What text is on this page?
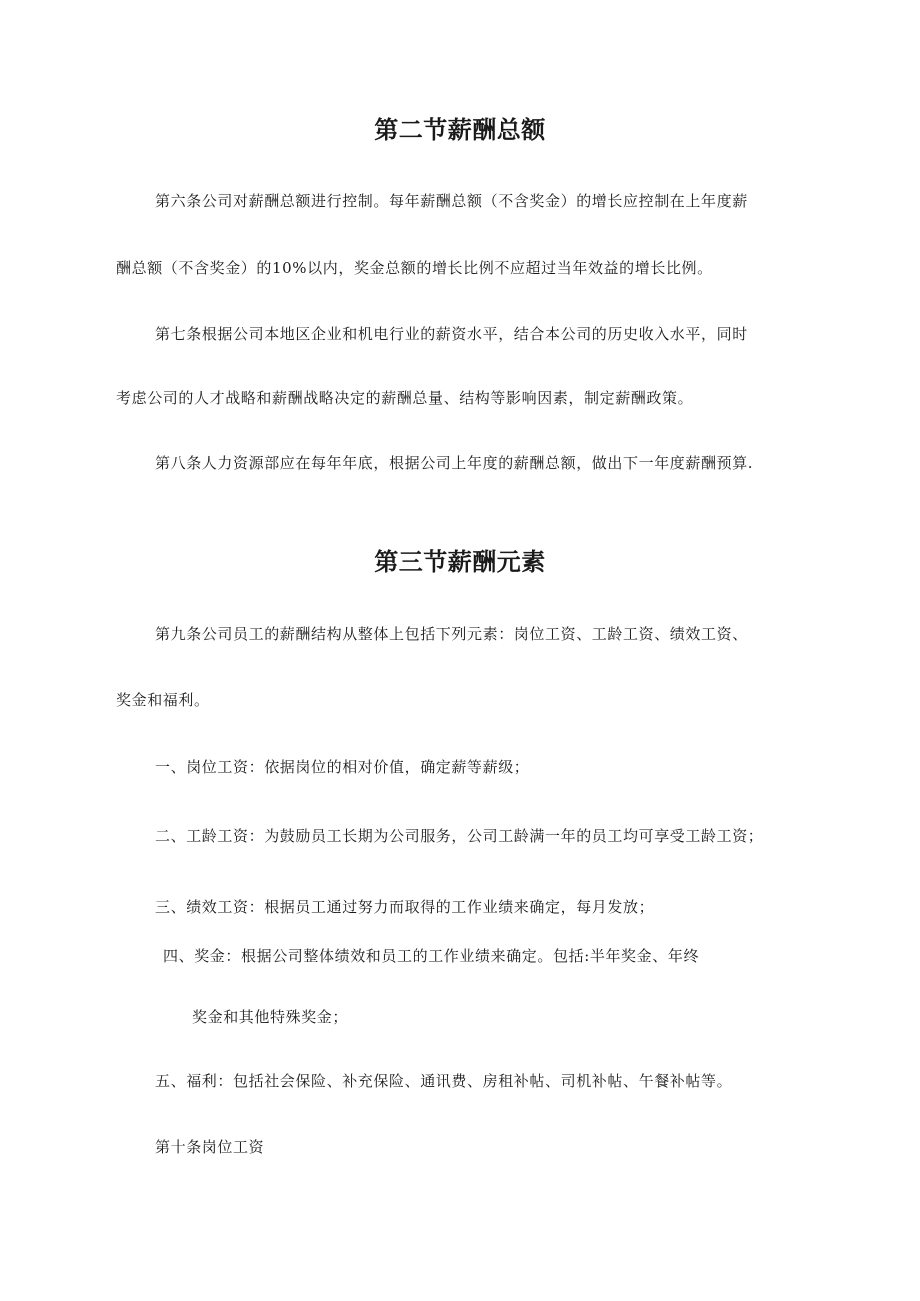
第二节薪酬总额
第六条公司对薪酬总额进行控制。每年薪酬总额（不含奖金）的增长应控制在上年度薪
酬总额（不含奖金）的10%以内，奖金总额的增长比例不应超过当年效益的增长比例。
第七条根据公司本地区企业和机电行业的薪资水平，结合本公司的历史收入水平，同时
考虑公司的人才战略和薪酬战略决定的薪酬总量、结构等影响因素，制定薪酬政策。
第八条人力资源部应在每年年底，根据公司上年度的薪酬总额，做出下一年度薪酬预算.
第三节薪酬元素
第九条公司员工的薪酬结构从整体上包括下列元素：岗位工资、工龄工资、绩效工资、
奖金和福利。
一、岗位工资：依据岗位的相对价值，确定薪等薪级；
二、工龄工资：为鼓励员工长期为公司服务，公司工龄满一年的员工均可享受工龄工资；
三、绩效工资：根据员工通过努力而取得的工作业绩来确定，每月发放；
四、奖金：根据公司整体绩效和员工的工作业绩来确定。包括:半年奖金、年终
奖金和其他特殊奖金；
五、福利：包括社会保险、补充保险、通讯费、房租补帖、司机补帖、午餐补帖等。
第十条岗位工资
